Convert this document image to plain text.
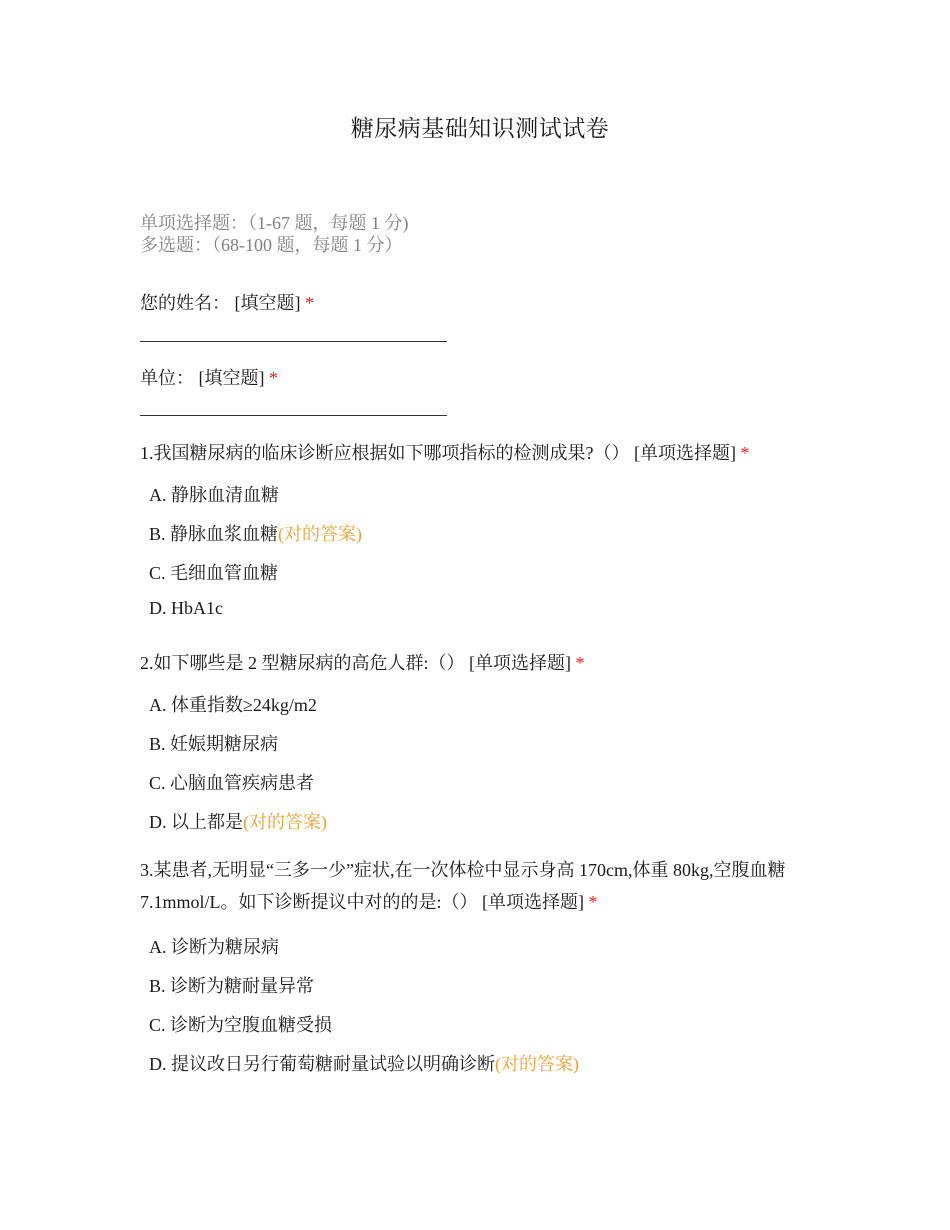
糖尿病基础知识测试试卷
单项选择题：（1-67 题，每题 1 分)
多选题：（68-100 题，每题 1 分）
您的姓名： [填空题] *
单位： [填空题] *
1.我国糖尿病的临床诊断应根据如下哪项指标的检测成果?（） [单项选择题] *
A. 静脉血清血糖
B. 静脉血浆血糖(对的答案)
C. 毛细血管血糖
D. HbA1c
2.如下哪些是 2 型糖尿病的高危人群:（） [单项选择题] *
A. 体重指数≥24kg/m2
B. 妊娠期糖尿病
C. 心脑血管疾病患者
D. 以上都是(对的答案)
3.某患者,无明显“三多一少”症状,在一次体检中显示身高 170cm,体重 80kg,空腹血糖
7.1mmol/L。如下诊断提议中对的的是:（） [单项选择题] *
A. 诊断为糖尿病
B. 诊断为糖耐量异常
C. 诊断为空腹血糖受损
D. 提议改日另行葡萄糖耐量试验以明确诊断(对的答案)
